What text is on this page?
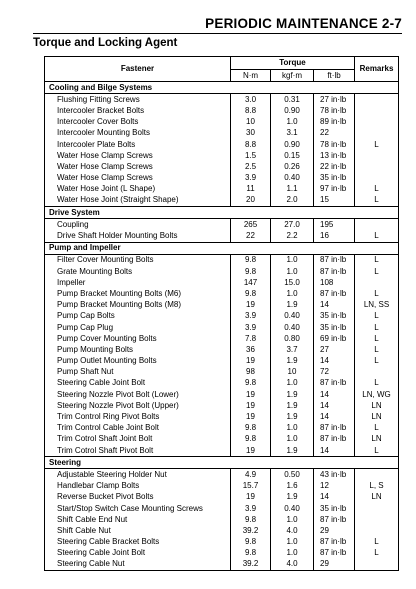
PERIODIC MAINTENANCE 2-7
Torque and Locking Agent
Fastener	Torque			Remarks
	N·m	kgf·m	ft·lb	
Cooling and Bilge Systems				
Flushing Fitting Screws	3.0	0.31	27 in·lb	
Intercooler Bracket Bolts	8.8	0.90	78 in·lb	
Intercooler Cover Bolts	10	1.0	89 in·lb	
Intercooler Mounting Bolts	30	3.1	22	
Intercooler Plate Bolts	8.8	0.90	78 in·lb	L
Water Hose Clamp Screws	1.5	0.15	13 in·lb	
Water Hose Clamp Screws	2.5	0.26	22 in·lb	
Water Hose Clamp Screws	3.9	0.40	35 in·lb	
Water Hose Joint (L Shape)	11	1.1	97 in·lb	L
Water Hose Joint (Straight Shape)	20	2.0	15	L
Drive System				
Coupling	265	27.0	195	
Drive Shaft Holder Mounting Bolts	22	2.2	16	L
Pump and Impeller				
Filter Cover Mounting Bolts	9.8	1.0	87 in·lb	L
Grate Mounting Bolts	9.8	1.0	87 in·lb	L
Impeller	147	15.0	108	
Pump Bracket Mounting Bolts (M6)	9.8	1.0	87 in·lb	L
Pump Bracket Mounting Bolts (M8)	19	1.9	14	LN, SS
Pump Cap Bolts	3.9	0.40	35 in·lb	L
Pump Cap Plug	3.9	0.40	35 in·lb	L
Pump Cover Mounting Bolts	7.8	0.80	69 in·lb	L
Pump Mounting Bolts	36	3.7	27	L
Pump Outlet Mounting Bolts	19	1.9	14	L
Pump Shaft Nut	98	10	72	
Steering Cable Joint Bolt	9.8	1.0	87 in·lb	L
Steering Nozzle Pivot Bolt (Lower)	19	1.9	14	LN, WG
Steering Nozzle Pivot Bolt (Upper)	19	1.9	14	LN
Trim Control Ring Pivot Bolts	19	1.9	14	LN
Trim Control Cable Joint Bolt	9.8	1.0	87 in·lb	L
Trim Cotrol Shaft Joint Bolt	9.8	1.0	87 in·lb	LN
Trim Cotrol Shaft Pivot Bolt	19	1.9	14	L
Steering				
Adjustable Steering Holder Nut	4.9	0.50	43 in·lb	
Handlebar Clamp Bolts	15.7	1.6	12	L, S
Reverse Bucket Pivot Bolts	19	1.9	14	LN
Start/Stop Switch Case Mounting Screws	3.9	0.40	35 in·lb	
Shift Cable End Nut	9.8	1.0	87 in·lb	
Shift Cable Nut	39.2	4.0	29	
Steering Cable Bracket Bolts	9.8	1.0	87 in·lb	L
Steering Cable Joint Bolt	9.8	1.0	87 in·lb	L
Steering Cable Nut	39.2	4.0	29	
